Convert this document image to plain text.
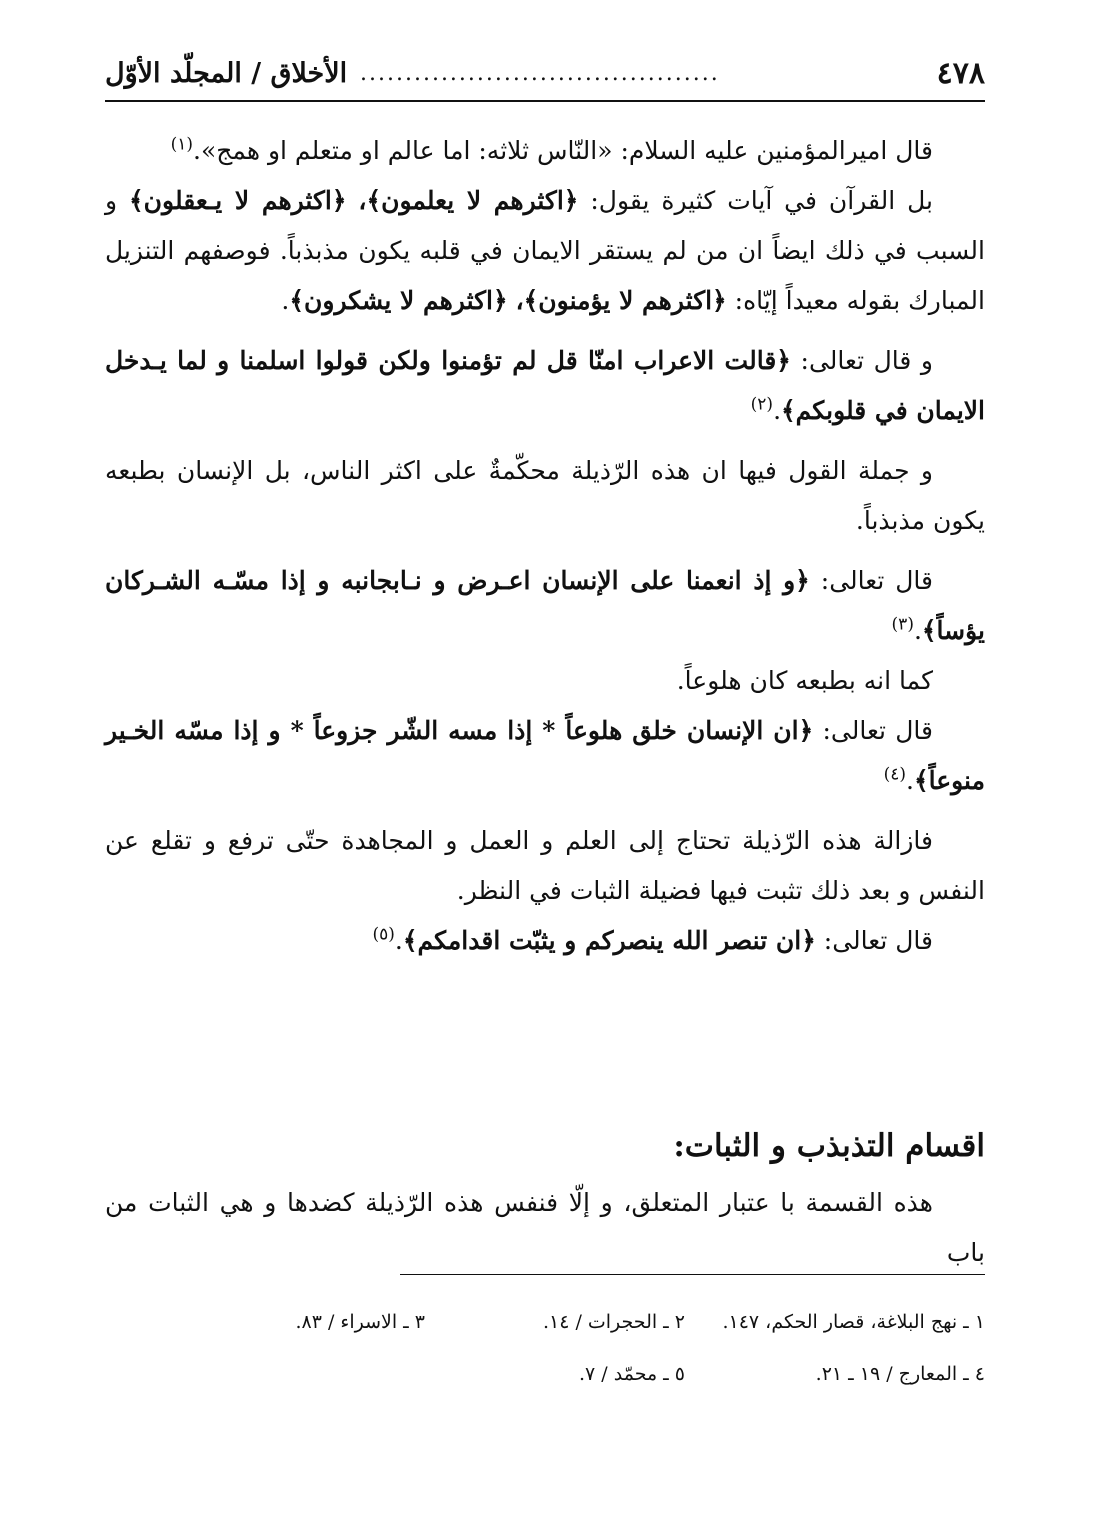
٤٧٨
........................................
الأخلاق / المجلّد الأوّل

قال اميرالمؤمنين عليه السلام: «النّاس ثلاثه: اما عالم او متعلم او همج».$^{(١)}$

بل القرآن في آيات كثيرة يقول: ﴿اكثرهم لا يعلمون﴾، ﴿اكثرهم لا يـعقلون﴾ و السبب في ذلك ايضاً ان من لم يستقر الايمان في قلبه يكون مذبذباً. فوصفهم التنزيل المبارك بقوله معيداً إيّاه: ﴿اكثرهم لا يؤمنون﴾، ﴿اكثرهم لا يشكرون﴾.

و قال تعالى: ﴿قالت الاعراب امنّا قل لم تؤمنوا ولكن قولوا اسلمنا و لما يـدخل الايمان في قلوبكم﴾.$^{(٢)}$

و جملة القول فيها ان هذه الرّذيلة محكّمةٌ على اكثر الناس، بل الإنسان بطبعه يكون مذبذباً.

قال تعالى: ﴿و إذ انعمنا على الإنسان اعـرض و نـابجانبه و إذا مسّـه الشـركان يؤساً﴾.$^{(٣)}$

كما انه بطبعه كان هلوعاً.

قال تعالى: ﴿ان الإنسان خلق هلوعاً * إذا مسه الشّر جزوعاً * و إذا مسّه الخـير منوعاً﴾.$^{(٤)}$

فازالة هذه الرّذيلة تحتاج إلى العلم و العمل و المجاهدة حتّى ترفع و تقلع عن النفس و بعد ذلك تثبت فيها فضيلة الثبات في النظر.

قال تعالى: ﴿ان تنصر الله ينصركم و يثبّت اقدامكم﴾.$^{(٥)}$

اقسام التذبذب و الثبات:
هذه القسمة با عتبار المتعلق، و إلّا فنفس هذه الرّذيلة كضدها و هي الثبات من باب
١ ـ نهج البلاغة، قصار الحكم، ١٤٧.
٢ ـ الحجرات / ١٤.
٣ ـ الاسراء / ٨٣.
٤ ـ المعارج / ١٩ ـ ٢١.
٥ ـ محمّد / ٧.
